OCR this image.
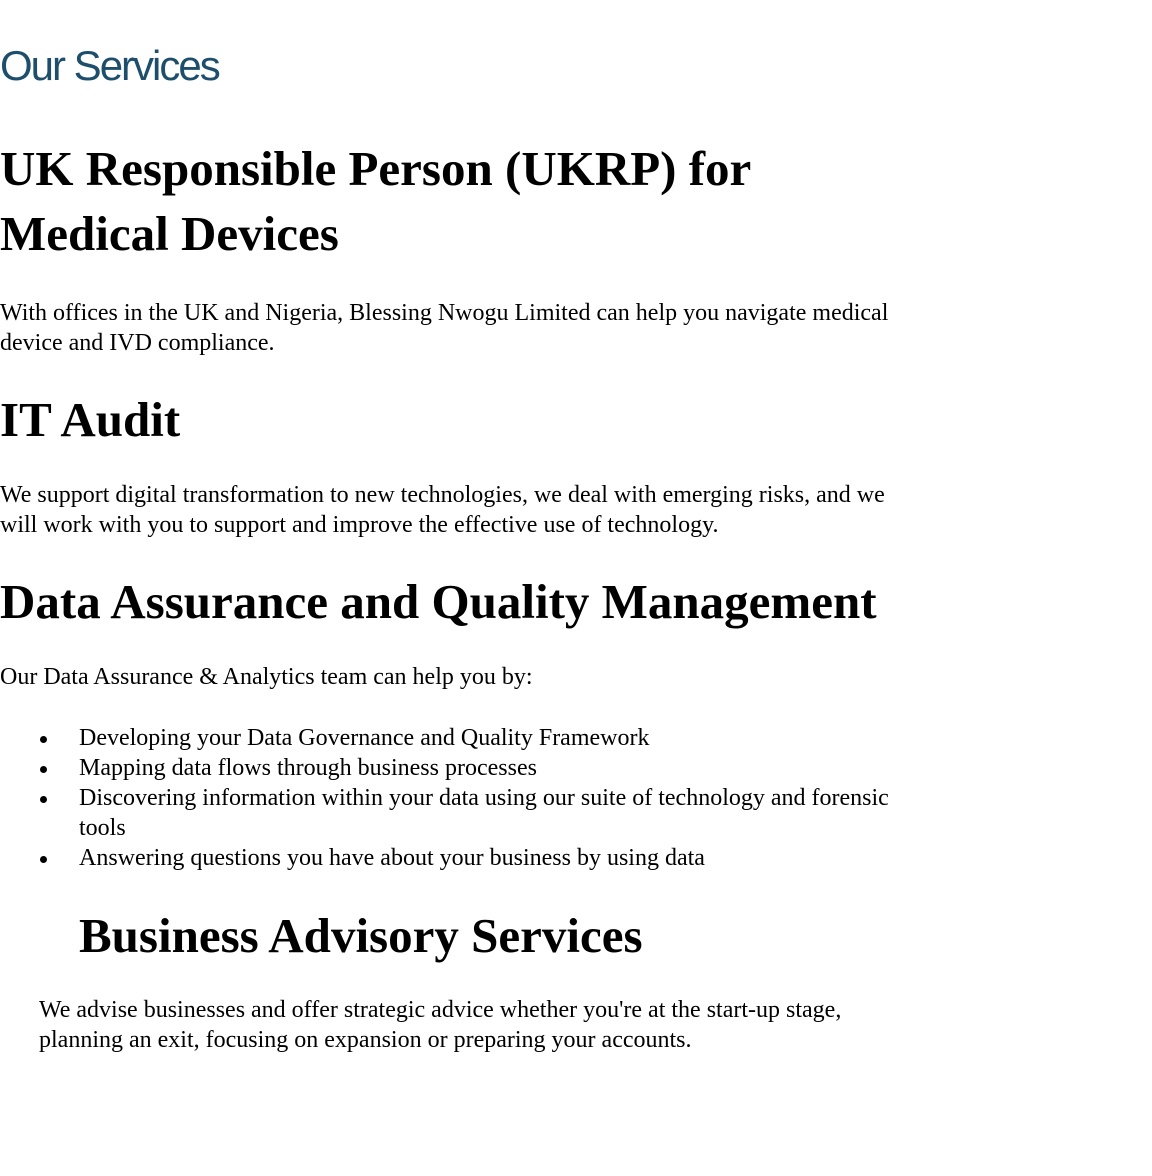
Our Services
UK Responsible Person (UKRP) for
Medical Devices

With offices in the UK and Nigeria, Blessing Nwogu Limited can help you navigate medical

device and IVD compliance.

IT Audit

We support digital transformation to new technologies, we deal with emerging risks, and we

will work with you to support and improve the effective use of technology.

Data Assurance and Quality Management

Our Data Assurance & Analytics team can help you by:

Developing your Data Governance and Quality Framework
Mapping data flows through business processes
Discovering information within your data using our suite of technology and forensic
tools
Answering questions you have about your business by using data
Business Advisory Services

We advise businesses and offer strategic advice whether you're at the start-up stage,

planning an exit, focusing on expansion or preparing your accounts.
